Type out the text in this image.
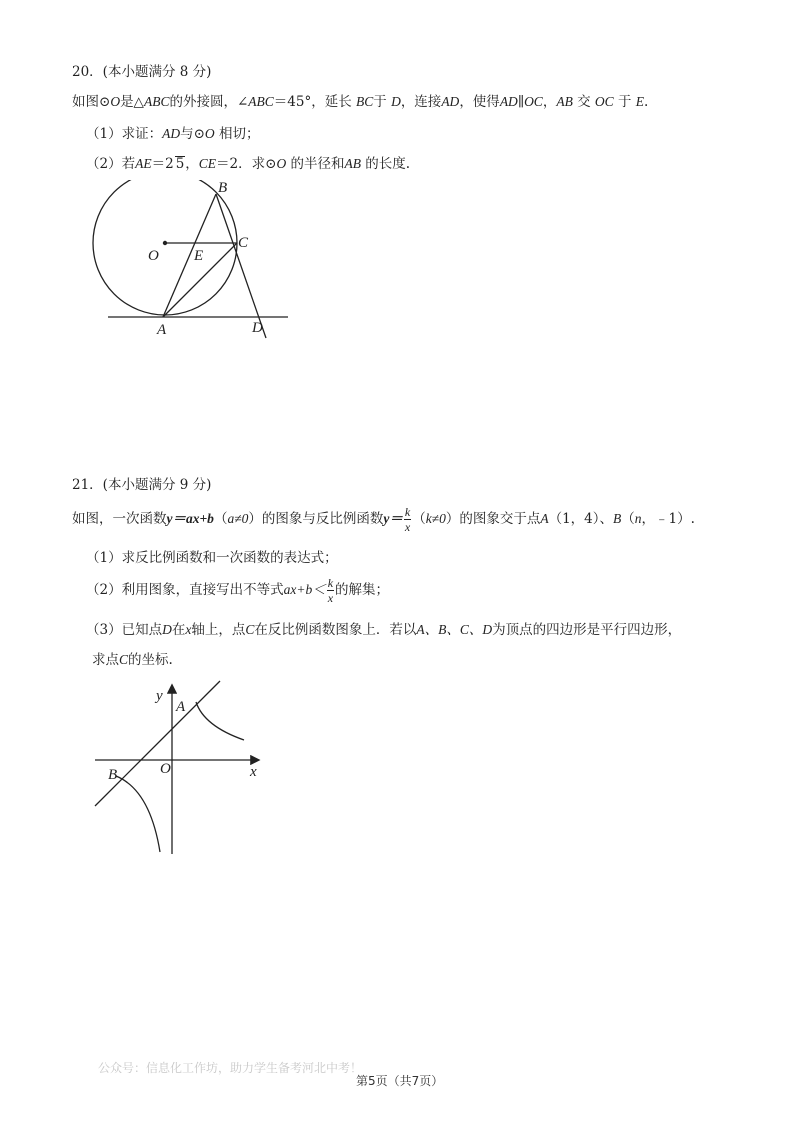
20．(本小题满分 8 分)
如图⊙O是△ABC的外接圆，∠ABC＝45°，延长 BC于 D，连接AD，使得AD∥OC，AB 交 OC 于 E.
（1）求证：AD与⊙O 相切；
（2）若AE＝2 5，CE＝2．求⊙O 的半径和AB 的长度.
B
O E
C
A	D
21．(本小题满分 9 分)
如图，一次函数y＝ax+b（a≠0）的图象与反比例函数$y= \frac{k}{x} (k\ne 0)$的图象交于点A（1，4）、B（n，﹣1）.
（1）求反比例函数和一次函数的表达式；
（2）利用图象，直接写出不等式$ax+b< \frac{k}{x}$ 的解集；
（3）已知点D在x轴上，点C在反比例函数图象上．若以A、B、C、D为顶点的四边形是平行四边形，
求点C的坐标.
y
A
B	O	x
公众号：信息化工作坊，助力学生备考河北中考！
第5页（共7页）
